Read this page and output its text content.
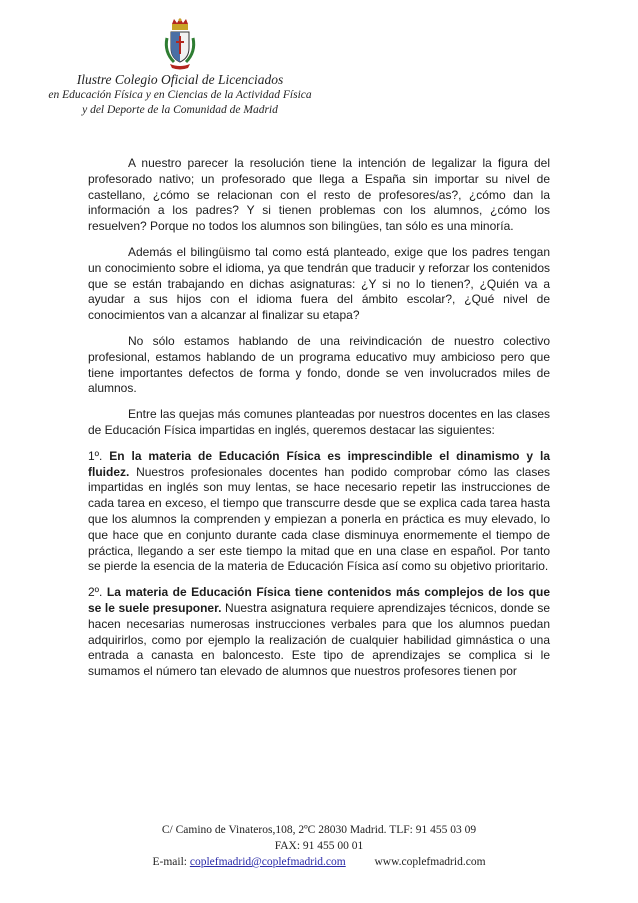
Ilustre Colegio Oficial de Licenciados
en Educación Física y en Ciencias de la Actividad Física
y del Deporte de la Comunidad de Madrid

A nuestro parecer la resolución tiene la intención de legalizar la figura del profesorado nativo; un profesorado que llega a España sin importar su nivel de castellano, ¿cómo se relacionan con el resto de profesores/as?, ¿cómo dan la información a los padres? Y si tienen problemas con los alumnos, ¿cómo los resuelven? Porque no todos los alumnos son bilingües, tan sólo es una minoría.

Además el bilingüismo tal como está planteado, exige que los padres tengan un conocimiento sobre el idioma, ya que tendrán que traducir y reforzar los contenidos que se están trabajando en dichas asignaturas: ¿Y si no lo tienen?, ¿Quién va a ayudar a sus hijos con el idioma fuera del ámbito escolar?, ¿Qué nivel de conocimientos van a alcanzar al finalizar su etapa?

No sólo estamos hablando de una reivindicación de nuestro colectivo profesional, estamos hablando de un programa educativo muy ambicioso pero que tiene importantes defectos de forma y fondo, donde se ven involucrados miles de alumnos.

Entre las quejas más comunes planteadas por nuestros docentes en las clases de Educación Física impartidas en inglés, queremos destacar las siguientes:

1º. En la materia de Educación Física es imprescindible el dinamismo y la fluidez. Nuestros profesionales docentes han podido comprobar cómo las clases impartidas en inglés son muy lentas, se hace necesario repetir las instrucciones de cada tarea en exceso, el tiempo que transcurre desde que se explica cada tarea hasta que los alumnos la comprenden y empiezan a ponerla en práctica es muy elevado, lo que hace que en conjunto durante cada clase disminuya enormemente el tiempo de práctica, llegando a ser este tiempo la mitad que en una clase en español. Por tanto se pierde la esencia de la materia de Educación Física así como su objetivo prioritario.

2º. La materia de Educación Física tiene contenidos más complejos de los que se le suele presuponer. Nuestra asignatura requiere aprendizajes técnicos, donde se hacen necesarias numerosas instrucciones verbales para que los alumnos puedan adquirirlos, como por ejemplo la realización de cualquier habilidad gimnástica o una entrada a canasta en baloncesto. Este tipo de aprendizajes se complica si le sumamos el número tan elevado de alumnos que nuestros profesores tienen por

C/ Camino de Vinateros,108, 2ºC 28030 Madrid. TLF: 91 455 03 09
FAX: 91 455 00 01
E-mail: coplefmadrid@coplefmadrid.com	www.coplefmadrid.com
